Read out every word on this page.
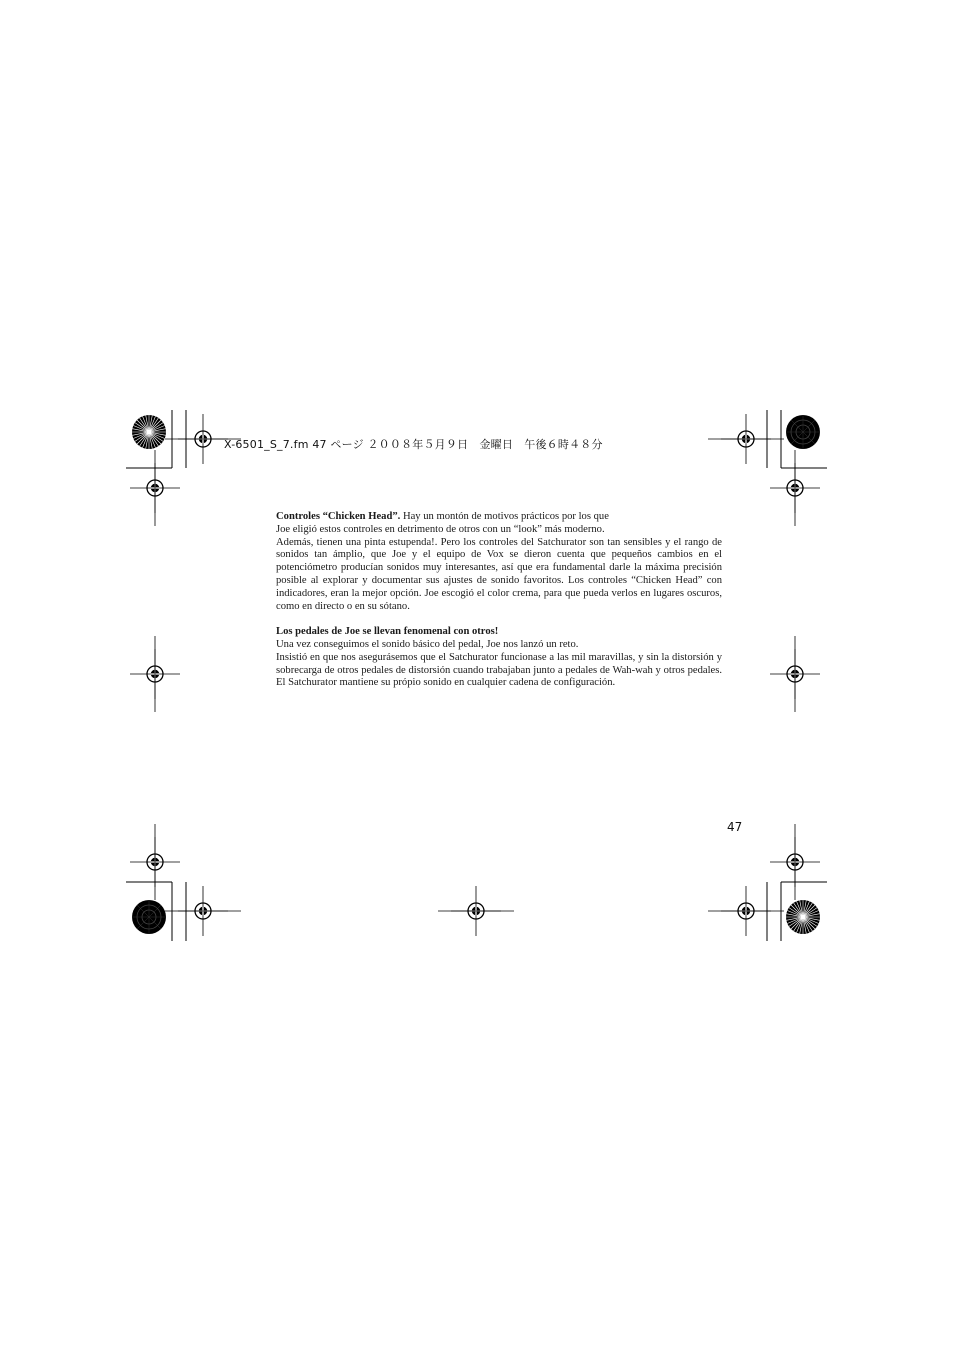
X-6501_S_7.fm 47 ページ ２００８年５月９日　金曜日　午後６時４８分

Controles “Chicken Head”. Hay un montón de motivos prácticos por los que

Joe eligió estos controles en detrimento de otros con un “look” más moderno.

Además, tienen una pinta estupenda!. Pero los controles del Satchurator son tan sensibles y el rango de sonidos tan ámplio, que Joe y el equipo de Vox se dieron cuenta que pequeños cambios en el potenciómetro producían sonidos muy interesantes, así que era fundamental darle la máxima precisión posible al explorar y documentar sus ajustes de sonido favoritos. Los controles “Chicken Head” con indicadores, eran la mejor opción. Joe escogió el color crema, para que pueda verlos en lugares oscuros, como en directo o en su sótano.

Los pedales de Joe se llevan fenomenal con otros!

Una vez conseguimos el sonido básico del pedal, Joe nos lanzó un reto.

Insistió en que nos asegurásemos que el Satchurator funcionase a las mil maravillas, y sin la distorsión y sobrecarga de otros pedales de distorsión cuando trabajaban junto a pedales de Wah-wah y otros pedales. El Satchurator mantiene su própio sonido en cualquier cadena de configuración.

47
